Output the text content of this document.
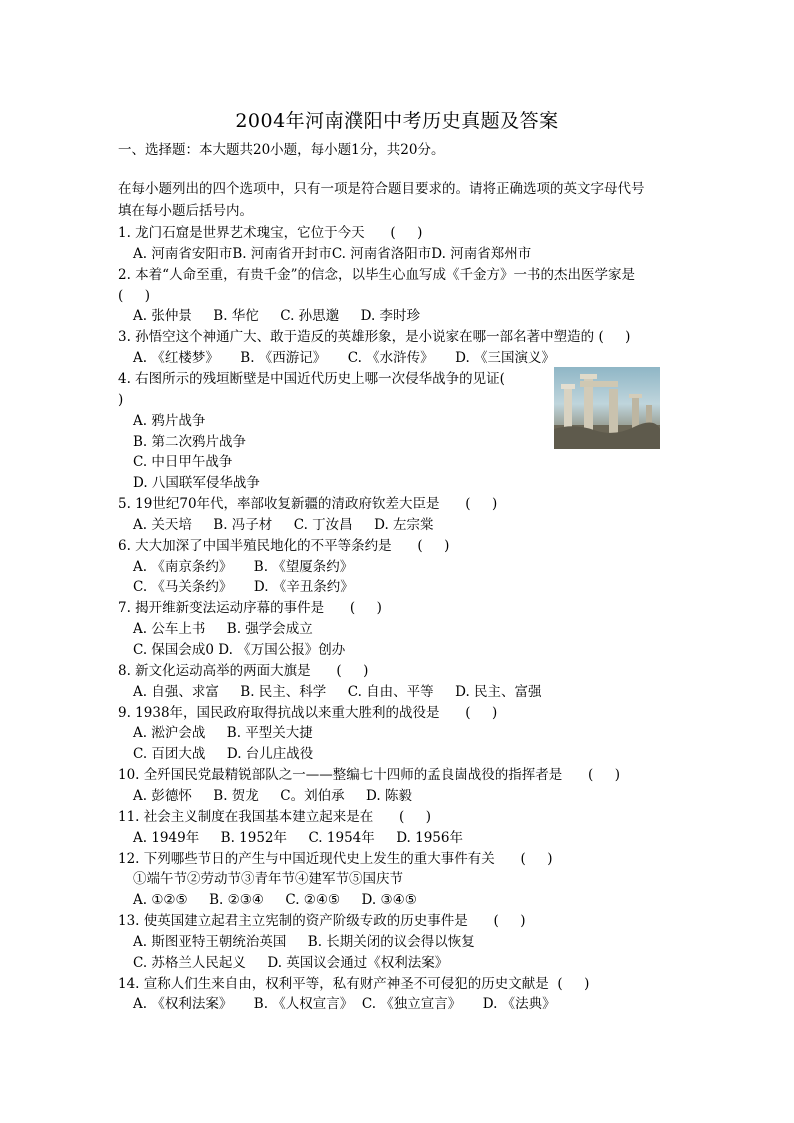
2004年河南濮阳中考历史真题及答案
一、选择题：本大题共20小题，每小题1分，共20分。
在每小题列出的四个选项中，只有一项是符合题目要求的。请将正确选项的英文字母代号
填在每小题后括号内。
1. 龙门石窟是世界艺术瑰宝，它位于今天      (     )
A. 河南省安阳市B. 河南省开封市C. 河南省洛阳市D. 河南省郑州市
2. 本着“人命至重，有贵千金”的信念，以毕生心血写成《千金方》一书的杰出医学家是
(     )
A. 张仲景     B. 华佗     C. 孙思邈     D. 李时珍
3. 孙悟空这个神通广大、敢于造反的英雄形象，是小说家在哪一部名著中塑造的 (     )
A. 《红楼梦》     B. 《西游记》     C. 《水浒传》     D. 《三国演义》
4. 右图所示的残垣断壁是中国近代历史上哪一次侵华战争的见证(
)
A. 鸦片战争
B. 第二次鸦片战争
C. 中日甲午战争
D. 八国联军侵华战争
5. 19世纪70年代，率部收复新疆的清政府钦差大臣是      (     )
A. 关天培     B. 冯子材     C. 丁汝昌     D. 左宗棠
6. 大大加深了中国半殖民地化的不平等条约是      (     )
A. 《南京条约》     B. 《望厦条约》
C. 《马关条约》     D. 《辛丑条约》
7. 揭开维新变法运动序幕的事件是      (     )
A. 公车上书     B. 强学会成立
C. 保国会成0 D. 《万国公报》创办
8. 新文化运动高举的两面大旗是      (     )
A. 自强、求富     B. 民主、科学     C. 自由、平等     D. 民主、富强
9. 1938年，国民政府取得抗战以来重大胜利的战役是      (     )
A. 淞沪会战     B. 平型关大捷
C. 百团大战     D. 台儿庄战役
10. 全歼国民党最精锐部队之一——整编七十四师的孟良崮战役的指挥者是      (     )
A. 彭德怀     B. 贺龙     C。刘伯承     D. 陈毅
11. 社会主义制度在我国基本建立起来是在      (     )
A. 1949年     B. 1952年     C. 1954年     D. 1956年
12. 下列哪些节日的产生与中国近现代史上发生的重大事件有关      (     )
①端午节②劳动节③青年节④建军节⑤国庆节
A. ①②⑤     B. ②③④     C. ②④⑤     D. ③④⑤
13. 使英国建立起君主立宪制的资产阶级专政的历史事件是      (     )
A. 斯图亚特王朝统治英国     B. 长期关闭的议会得以恢复
C. 苏格兰人民起义     D. 英国议会通过《权利法案》
14. 宣称人们生来自由，权利平等，私有财产神圣不可侵犯的历史文献是  (     )
A. 《权利法案》     B. 《人权宣言》  C. 《独立宣言》     D. 《法典》
